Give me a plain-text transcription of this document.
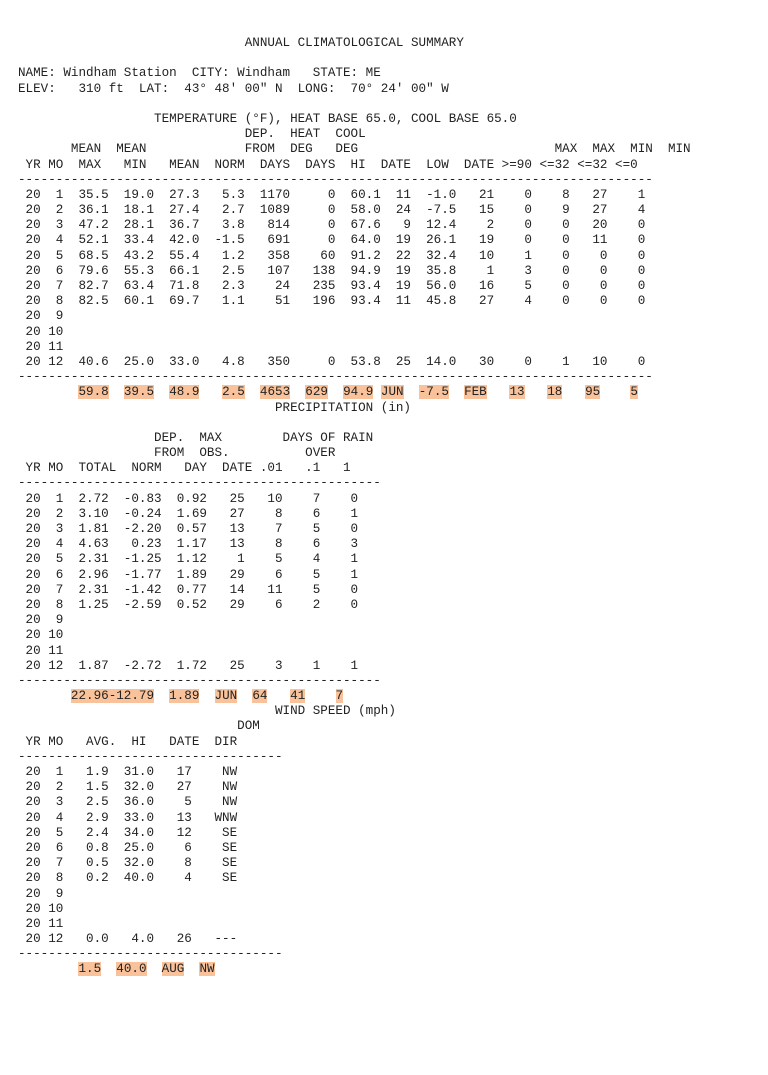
ANNUAL CLIMATOLOGICAL SUMMARY
NAME: Windham Station  CITY: Windham   STATE: ME
ELEV:   310 ft  LAT:  43° 48' 00" N  LONG:  70° 24' 00" W
TEMPERATURE (°F), HEAT BASE 65.0, COOL BASE 65.0
DEP.  HEAT  COOL
MEAN  MEAN             FROM  DEG   DEG                          MAX  MAX  MIN  MIN
YR MO  MAX   MIN   MEAN  NORM  DAYS  DAYS  HI  DATE  LOW  DATE >=90 <=32 <=32 <=0
------------------------------------------------------------------------------------
20  1  35.5  19.0  27.3   5.3  1170     0  60.1  11  -1.0   21    0    8   27    1
20  2  36.1  18.1  27.4   2.7  1089     0  58.0  24  -7.5   15    0    9   27    4
20  3  47.2  28.1  36.7   3.8   814     0  67.6   9  12.4    2    0    0   20    0
20  4  52.1  33.4  42.0  -1.5   691     0  64.0  19  26.1   19    0    0   11    0
20  5  68.5  43.2  55.4   1.2   358    60  91.2  22  32.4   10    1    0    0    0
20  6  79.6  55.3  66.1   2.5   107   138  94.9  19  35.8    1    3    0    0    0
20  7  82.7  63.4  71.8   2.3    24   235  93.4  19  56.0   16    5    0    0    0
20  8  82.5  60.1  69.7   1.1    51   196  93.4  11  45.8   27    4    0    0    0
20  9
20 10
20 11
20 12  40.6  25.0  33.0   4.8   350     0  53.8  25  14.0   30    0    1   10    0
------------------------------------------------------------------------------------
59.8 39.5 48.9 2.5 4653 629 94.9 JUN -7.5 FEB 13 18 95 5
PRECIPITATION (in)
DEP.  MAX        DAYS OF RAIN
FROM  OBS.          OVER
YR MO  TOTAL  NORM   DAY  DATE .01   .1   1
------------------------------------------------
20  1  2.72  -0.83  0.92   25   10    7    0
20  2  3.10  -0.24  1.69   27    8    6    1
20  3  1.81  -2.20  0.57   13    7    5    0
20  4  4.63   0.23  1.17   13    8    6    3
20  5  2.31  -1.25  1.12    1    5    4    1
20  6  2.96  -1.77  1.89   29    6    5    1
20  7  2.31  -1.42  0.77   14   11    5    0
20  8  1.25  -2.59  0.52   29    6    2    0
20  9
20 10
20 11
20 12  1.87  -2.72  1.72   25    3    1    1
------------------------------------------------
22.96-12.79 1.89 JUN 64 41 7
WIND SPEED (mph)
DOM
YR MO   AVG.  HI   DATE  DIR
-----------------------------------
20  1   1.9  31.0   17    NW
20  2   1.5  32.0   27    NW
20  3   2.5  36.0    5    NW
20  4   2.9  33.0   13   WNW
20  5   2.4  34.0   12    SE
20  6   0.8  25.0    6    SE
20  7   0.5  32.0    8    SE
20  8   0.2  40.0    4    SE
20  9
20 10
20 11
20 12   0.0   4.0   26   ---
-----------------------------------
1.5 40.0 AUG NW
